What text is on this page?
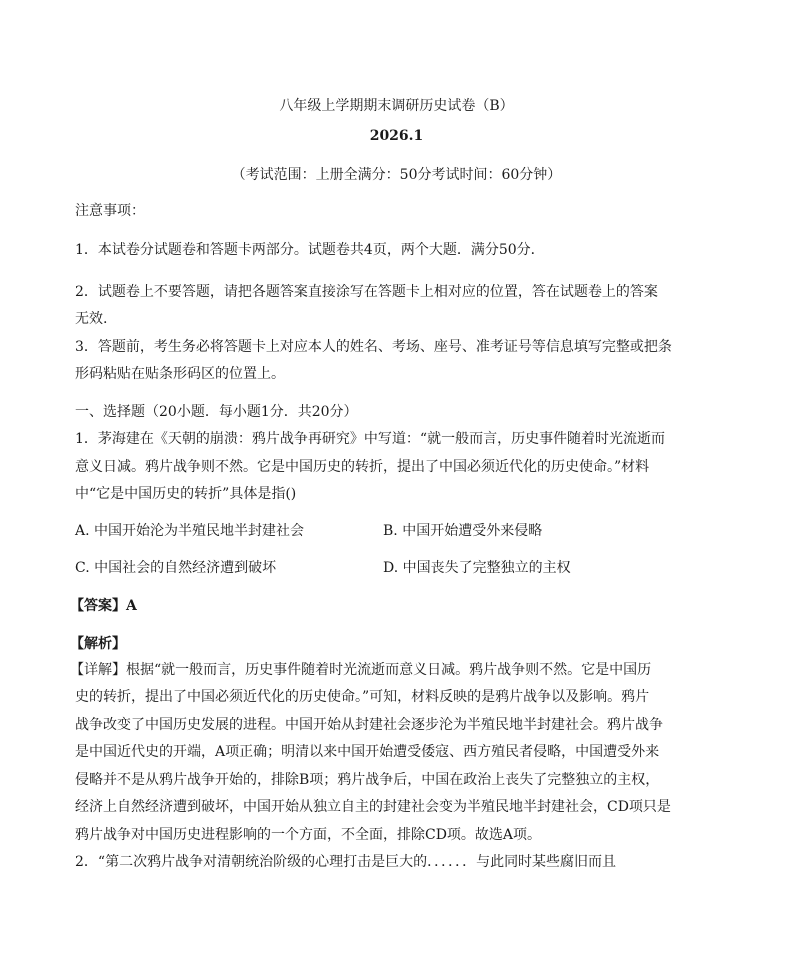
八年级上学期期末调研历史试卷（B）
2026.1
（考试范围：上册全满分：50分考试时间：60分钟）
注意事项：
1．本试卷分试题卷和答题卡两部分。试题卷共4页，两个大题．满分50分．
2．试题卷上不要答题，请把各题答案直接涂写在答题卡上相对应的位置，答在试题卷上的答案
无效.
3．答题前，考生务必将答题卡上对应本人的姓名、考场、座号、准考证号等信息填写完整或把条
形码粘贴在贴条形码区的位置上。
一、选择题（20小题．每小题1分．共20分）
1．茅海建在《天朝的崩溃：鸦片战争再研究》中写道：“就一般而言，历史事件随着时光流逝而
意义日减。鸦片战争则不然。它是中国历史的转折，提出了中国必须近代化的历史使命。”材料
中“它是中国历史的转折”具体是指()
A. 中国开始沦为半殖民地半封建社会	B. 中国开始遭受外来侵略
C. 中国社会的自然经济遭到破坏	D. 中国丧失了完整独立的主权
【答案】A
【解析】
【详解】根据“就一般而言，历史事件随着时光流逝而意义日减。鸦片战争则不然。它是中国历
史的转折，提出了中国必须近代化的历史使命。”可知，材料反映的是鸦片战争以及影响。鸦片
战争改变了中国历史发展的进程。中国开始从封建社会逐步沦为半殖民地半封建社会。鸦片战争
是中国近代史的开端，A项正确；明清以来中国开始遭受倭寇、西方殖民者侵略，中国遭受外来
侵略并不是从鸦片战争开始的，排除B项；鸦片战争后，中国在政治上丧失了完整独立的主权，
经济上自然经济遭到破坏，中国开始从独立自主的封建社会变为半殖民地半封建社会，CD项只是
鸦片战争对中国历史进程影响的一个方面，不全面，排除CD项。故选A项。
2．“第二次鸦片战争对清朝统治阶级的心理打击是巨大的．．．．．．与此同时某些腐旧而且
